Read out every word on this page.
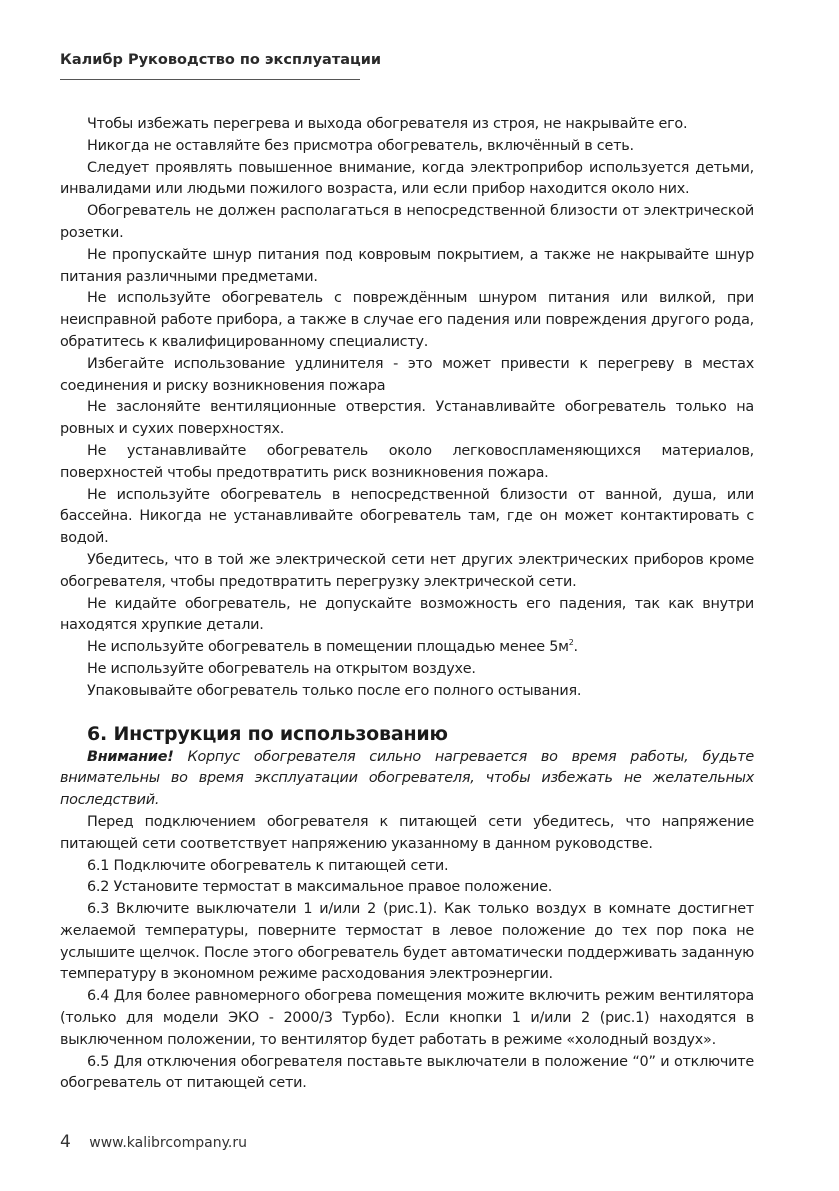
Калибр Руководство по эксплуатации

Чтобы избежать перегрева и выхода обогревателя из строя, не накрывайте его.

Никогда не оставляйте без присмотра обогреватель, включённый в сеть.

Следует проявлять повышенное внимание, когда электроприбор используется детьми, инвалидами или людьми пожилого возраста, или если прибор находится около них.

Обогреватель не должен располагаться в непосредственной близости от электрической розетки.

Не пропускайте шнур питания под ковровым покрытием, а также не накрывайте шнур питания различными предметами.

Не используйте обогреватель с повреждённым шнуром питания или вилкой, при неисправной работе прибора, а также в случае его падения или повреждения другого рода, обратитесь к квалифицированному специалисту.

Избегайте использование удлинителя - это может привести к перегреву в местах соединения и риску возникновения пожара

Не заслоняйте вентиляционные отверстия. Устанавливайте обогреватель только на ровных и сухих поверхностях.

Не устанавливайте обогреватель около легковоспламеняющихся материалов, поверхностей чтобы предотвратить риск возникновения пожара.

Не используйте обогреватель в непосредственной близости от ванной, душа, или бассейна. Никогда не устанавливайте обогреватель там, где он может контактировать с водой.

Убедитесь, что в той же электрической сети нет других электрических приборов кроме обогревателя, чтобы предотвратить перегрузку электрической сети.

Не кидайте обогреватель, не допускайте возможность его падения, так как внутри находятся хрупкие детали.

Не используйте обогреватель в помещении площадью менее $5м^2$.

Не используйте обогреватель на открытом воздухе.

Упаковывайте обогреватель только после его полного остывания.

6. Инструкция по использованию

Внимание! Корпус обогревателя сильно нагревается во время работы, будьте внимательны во время эксплуатации обогревателя, чтобы избежать не желательных последствий.

Перед подключением обогревателя к питающей сети убедитесь, что напряжение питающей сети соответствует напряжению указанному в данном руководстве.

6.1 Подключите обогреватель к питающей сети.

6.2 Установите термостат в максимальное правое положение.

6.3 Включите выключатели 1 и/или 2 (рис.1). Как только воздух в комнате достигнет желаемой температуры, поверните термостат в левое положение до тех пор пока не услышите щелчок. После этого обогреватель будет автоматически поддерживать заданную температуру в экономном режиме расходования электроэнергии.

6.4 Для более равномерного обогрева помещения можите включить режим вентилятора (только для модели ЭКО - 2000/3 Турбо). Если кнопки 1 и/или 2 (рис.1) находятся в выключенном положении, то вентилятор будет работать в режиме «холодный воздух».

6.5 Для отключения обогревателя поставьте выключатели в положение “0” и отключите обогреватель от питающей сети.

4 www.kalibrcompany.ru
